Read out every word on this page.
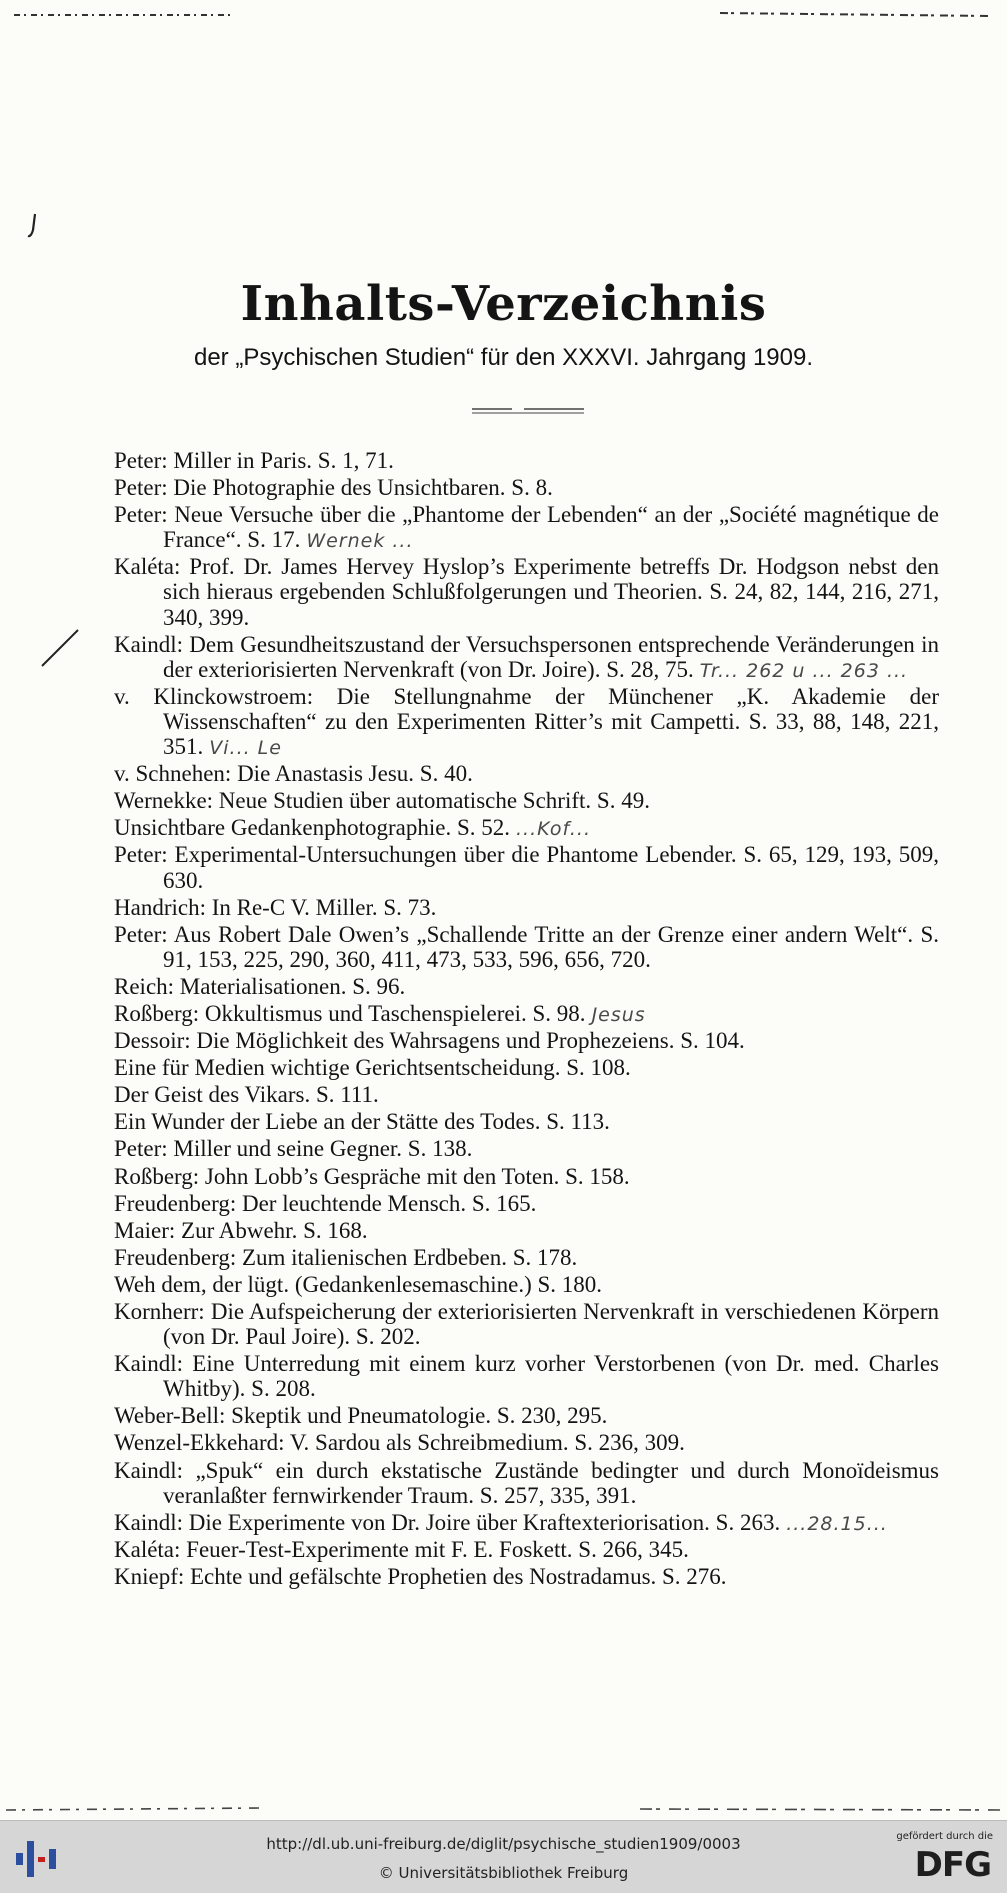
Inhalts-Verzeichnis

der „Psychischen Studien“ für den XXXVI. Jahrgang 1909.

Peter: Miller in Paris. S. 1, 71.
Peter: Die Photographie des Unsichtbaren. S. 8.
Peter: Neue Versuche über die „Phantome der Lebenden“ an der „Société magnétique de France“. S. 17. Wernek ...
Kaléta: Prof. Dr. James Hervey Hyslop’s Experimente betreffs Dr. Hodgson nebst den sich hieraus ergebenden Schlußfolgerungen und Theorien. S. 24, 82, 144, 216, 271, 340, 399.
Kaindl: Dem Gesundheitszustand der Versuchspersonen entsprechende Veränderungen in der exteriorisierten Nervenkraft (von Dr. Joire). S. 28, 75. Tr... 262 u ... 263 ...
v. Klinckowstroem: Die Stellungnahme der Münchener „K. Akademie der Wissenschaften“ zu den Experimenten Ritter’s mit Campetti. S. 33, 88, 148, 221, 351. Vi... Le
v. Schnehen: Die Anastasis Jesu. S. 40.
Wernekke: Neue Studien über automatische Schrift. S. 49.
Unsichtbare Gedankenphotographie. S. 52. ...Kof...
Peter: Experimental-Untersuchungen über die Phantome Lebender. S. 65, 129, 193, 509, 630.
Handrich: In Re-C V. Miller. S. 73.
Peter: Aus Robert Dale Owen’s „Schallende Tritte an der Grenze einer andern Welt“. S. 91, 153, 225, 290, 360, 411, 473, 533, 596, 656, 720.
Reich: Materialisationen. S. 96.
Roßberg: Okkultismus und Taschenspielerei. S. 98. Jesus
Dessoir: Die Möglichkeit des Wahrsagens und Prophezeiens. S. 104.
Eine für Medien wichtige Gerichtsentscheidung. S. 108.
Der Geist des Vikars. S. 111.
Ein Wunder der Liebe an der Stätte des Todes. S. 113.
Peter: Miller und seine Gegner. S. 138.
Roßberg: John Lobb’s Gespräche mit den Toten. S. 158.
Freudenberg: Der leuchtende Mensch. S. 165.
Maier: Zur Abwehr. S. 168.
Freudenberg: Zum italienischen Erdbeben. S. 178.
Weh dem, der lügt. (Gedankenlesemaschine.) S. 180.
Kornherr: Die Aufspeicherung der exteriorisierten Nervenkraft in verschiedenen Körpern (von Dr. Paul Joire). S. 202.
Kaindl: Eine Unterredung mit einem kurz vorher Verstorbenen (von Dr. med. Charles Whitby). S. 208.
Weber-Bell: Skeptik und Pneumatologie. S. 230, 295.
Wenzel-Ekkehard: V. Sardou als Schreibmedium. S. 236, 309.
Kaindl: „Spuk“ ein durch ekstatische Zustände bedingter und durch Monoïdeismus veranlaßter fernwirkender Traum. S. 257, 335, 391.
Kaindl: Die Experimente von Dr. Joire über Kraftexteriorisation. S. 263. ...28.15...
Kaléta: Feuer-Test-Experimente mit F. E. Foskett. S. 266, 345.
Kniepf: Echte und gefälschte Prophetien des Nostradamus. S. 276.
http://dl.ub.uni-freiburg.de/diglit/psychische_studien1909/0003
© Universitätsbibliothek Freiburg
gefördert durch die
DFG
